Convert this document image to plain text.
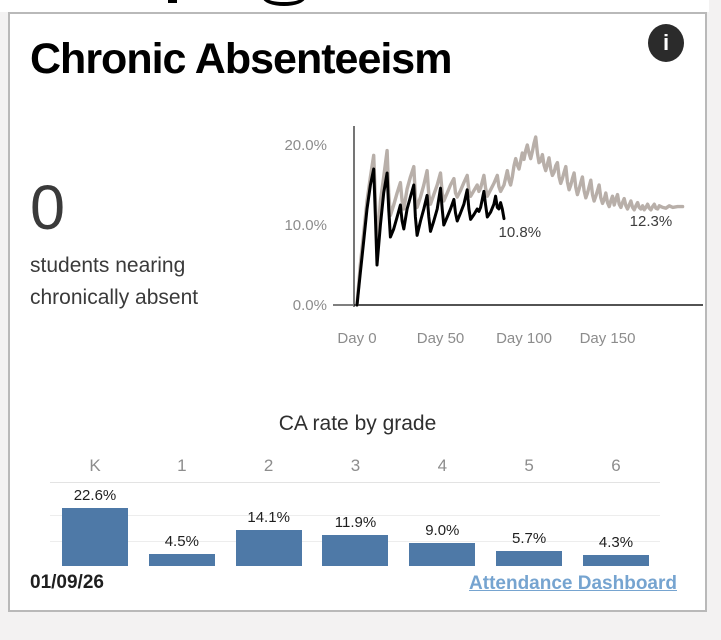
Chronic Absenteeism	i
0
students nearing chronically absent	0.0%
10.0%
20.0%
Day 0	Day 50 Day 100 Day 150
10.8%
12.3%
CA rate by grade
K
22.6%
1
4.5%
2
14.1%
3
11.9%
4
9.0%
5
5.7%
6
4.3%
01/09/26	Attendance Dashboard
